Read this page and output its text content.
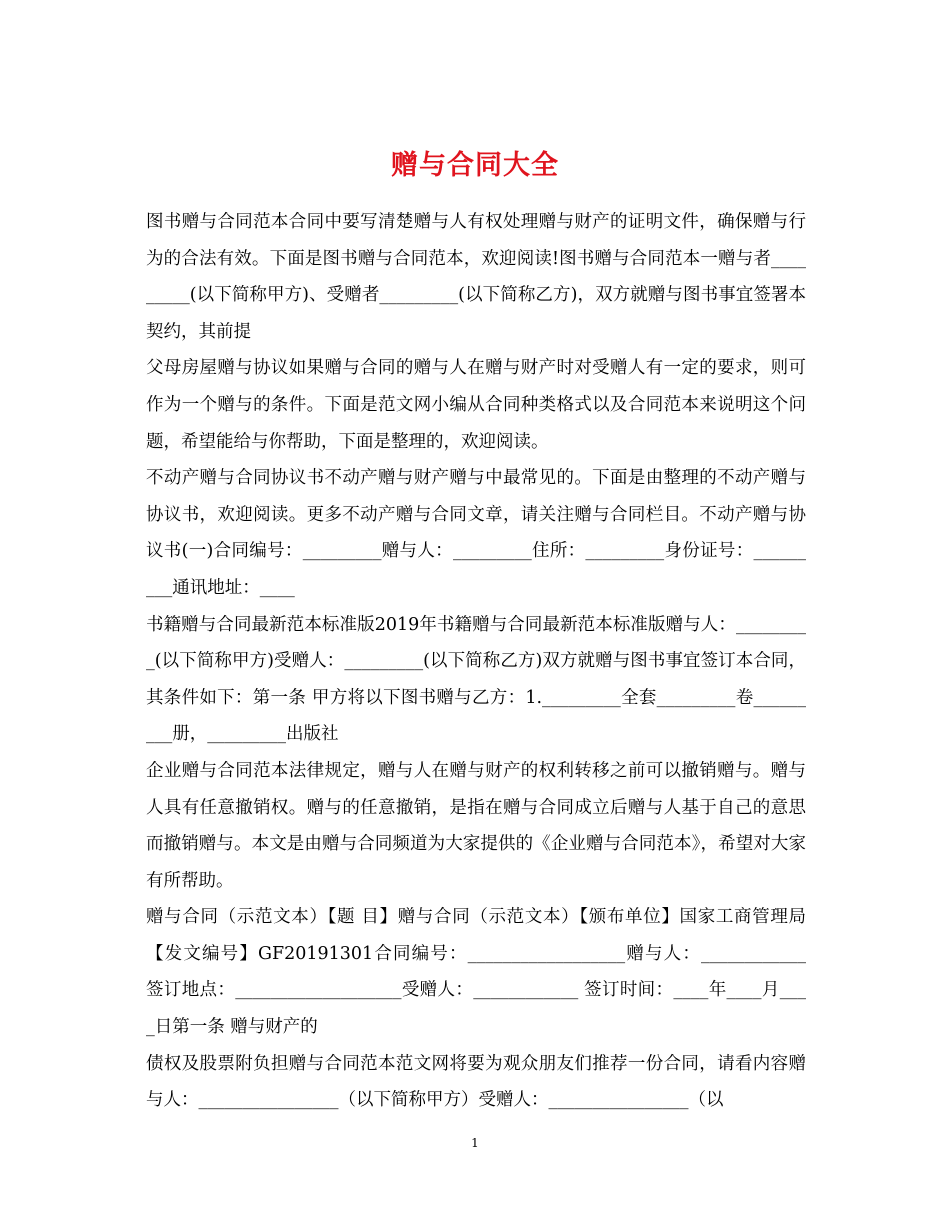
赠与合同大全

图书赠与合同范本合同中要写清楚赠与人有权处理赠与财产的证明文件，确保赠与行为的合法有效。下面是图书赠与合同范本，欢迎阅读!图书赠与合同范本一赠与者_________(以下简称甲方)、受赠者_________(以下简称乙方)，双方就赠与图书事宜签署本契约，其前提

父母房屋赠与协议如果赠与合同的赠与人在赠与财产时对受赠人有一定的要求，则可作为一个赠与的条件。下面是范文网小编从合同种类格式以及合同范本来说明这个问题，希望能给与你帮助，下面是整理的，欢迎阅读。

不动产赠与合同协议书不动产赠与财产赠与中最常见的。下面是由整理的不动产赠与协议书，欢迎阅读。更多不动产赠与合同文章，请关注赠与合同栏目。不动产赠与协议书(一)合同编号：_________赠与人：_________住所：_________身份证号：_________通讯地址：____

书籍赠与合同最新范本标准版2019年书籍赠与合同最新范本标准版赠与人：_________(以下简称甲方)受赠人：_________(以下简称乙方)双方就赠与图书事宜签订本合同，其条件如下：第一条 甲方将以下图书赠与乙方：1._________全套_________卷_________册，_________出版社

企业赠与合同范本法律规定，赠与人在赠与财产的权利转移之前可以撤销赠与。赠与人具有任意撤销权。赠与的任意撤销，是指在赠与合同成立后赠与人基于自己的意思而撤销赠与。本文是由赠与合同频道为大家提供的《企业赠与合同范本》，希望对大家有所帮助。

赠与合同（示范文本）【题 目】赠与合同（示范文本）【颁布单位】国家工商管理局【发文编号】GF20191301合同编号：__________________赠与人：____________ 签订地点：___________________受赠人：____________ 签订时间：____年____月____日第一条 赠与财产的

债权及股票附负担赠与合同范本范文网将要为观众朋友们推荐一份合同，请看内容赠与人：________________（以下简称甲方）受赠人：________________（以

1
